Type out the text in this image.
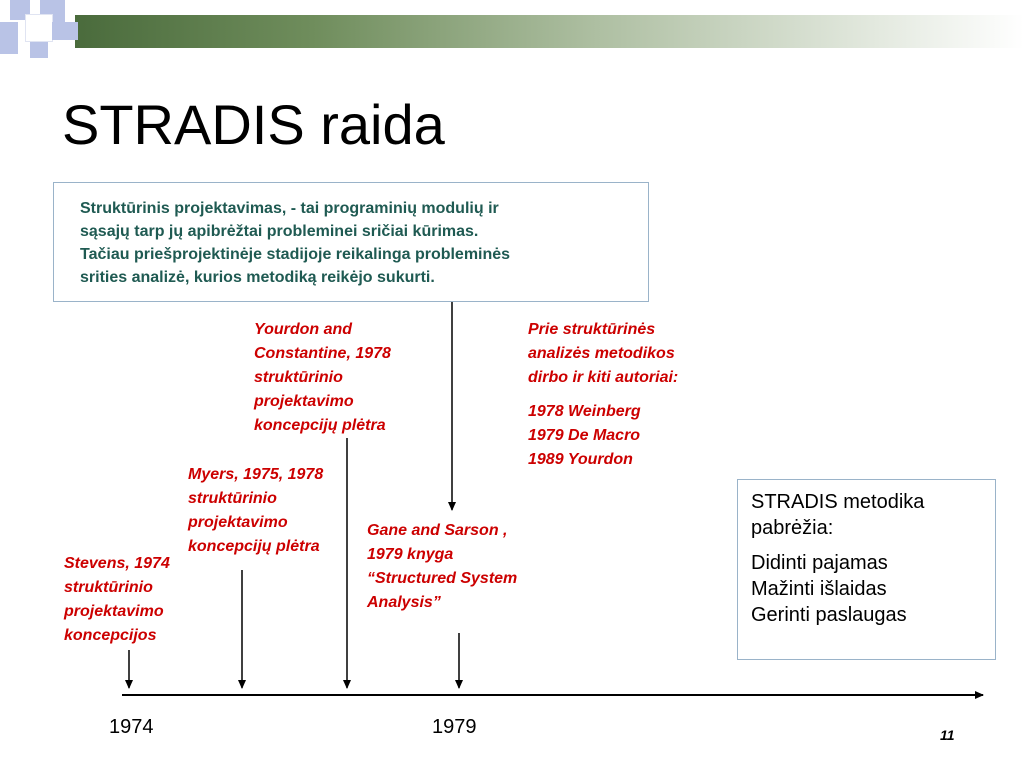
STRADIS raida
Struktūrinis projektavimas, - tai programinių modulių ir
sąsajų tarp jų apibrėžtai probleminei sričiai kūrimas.
Tačiau priešprojektinėje stadijoje reikalinga probleminės
srities analizė, kurios metodiką reikėjo sukurti.
Yourdon and
Constantine, 1978
struktūrinio
projektavimo
koncepcijų plėtra
Myers, 1975, 1978
struktūrinio
projektavimo
koncepcijų plėtra
Stevens, 1974
struktūrinio
projektavimo
koncepcijos
Gane and Sarson ,
1979 knyga
“Structured System
Analysis”
Prie struktūrinės
analizės metodikos
dirbo ir kiti autoriai:
1978 Weinberg
1979 De Macro
1989 Yourdon

STRADIS metodika

pabrėžia:

Didinti pajamas

Mažinti išlaidas

Gerinti paslaugas

1974	1979	11
